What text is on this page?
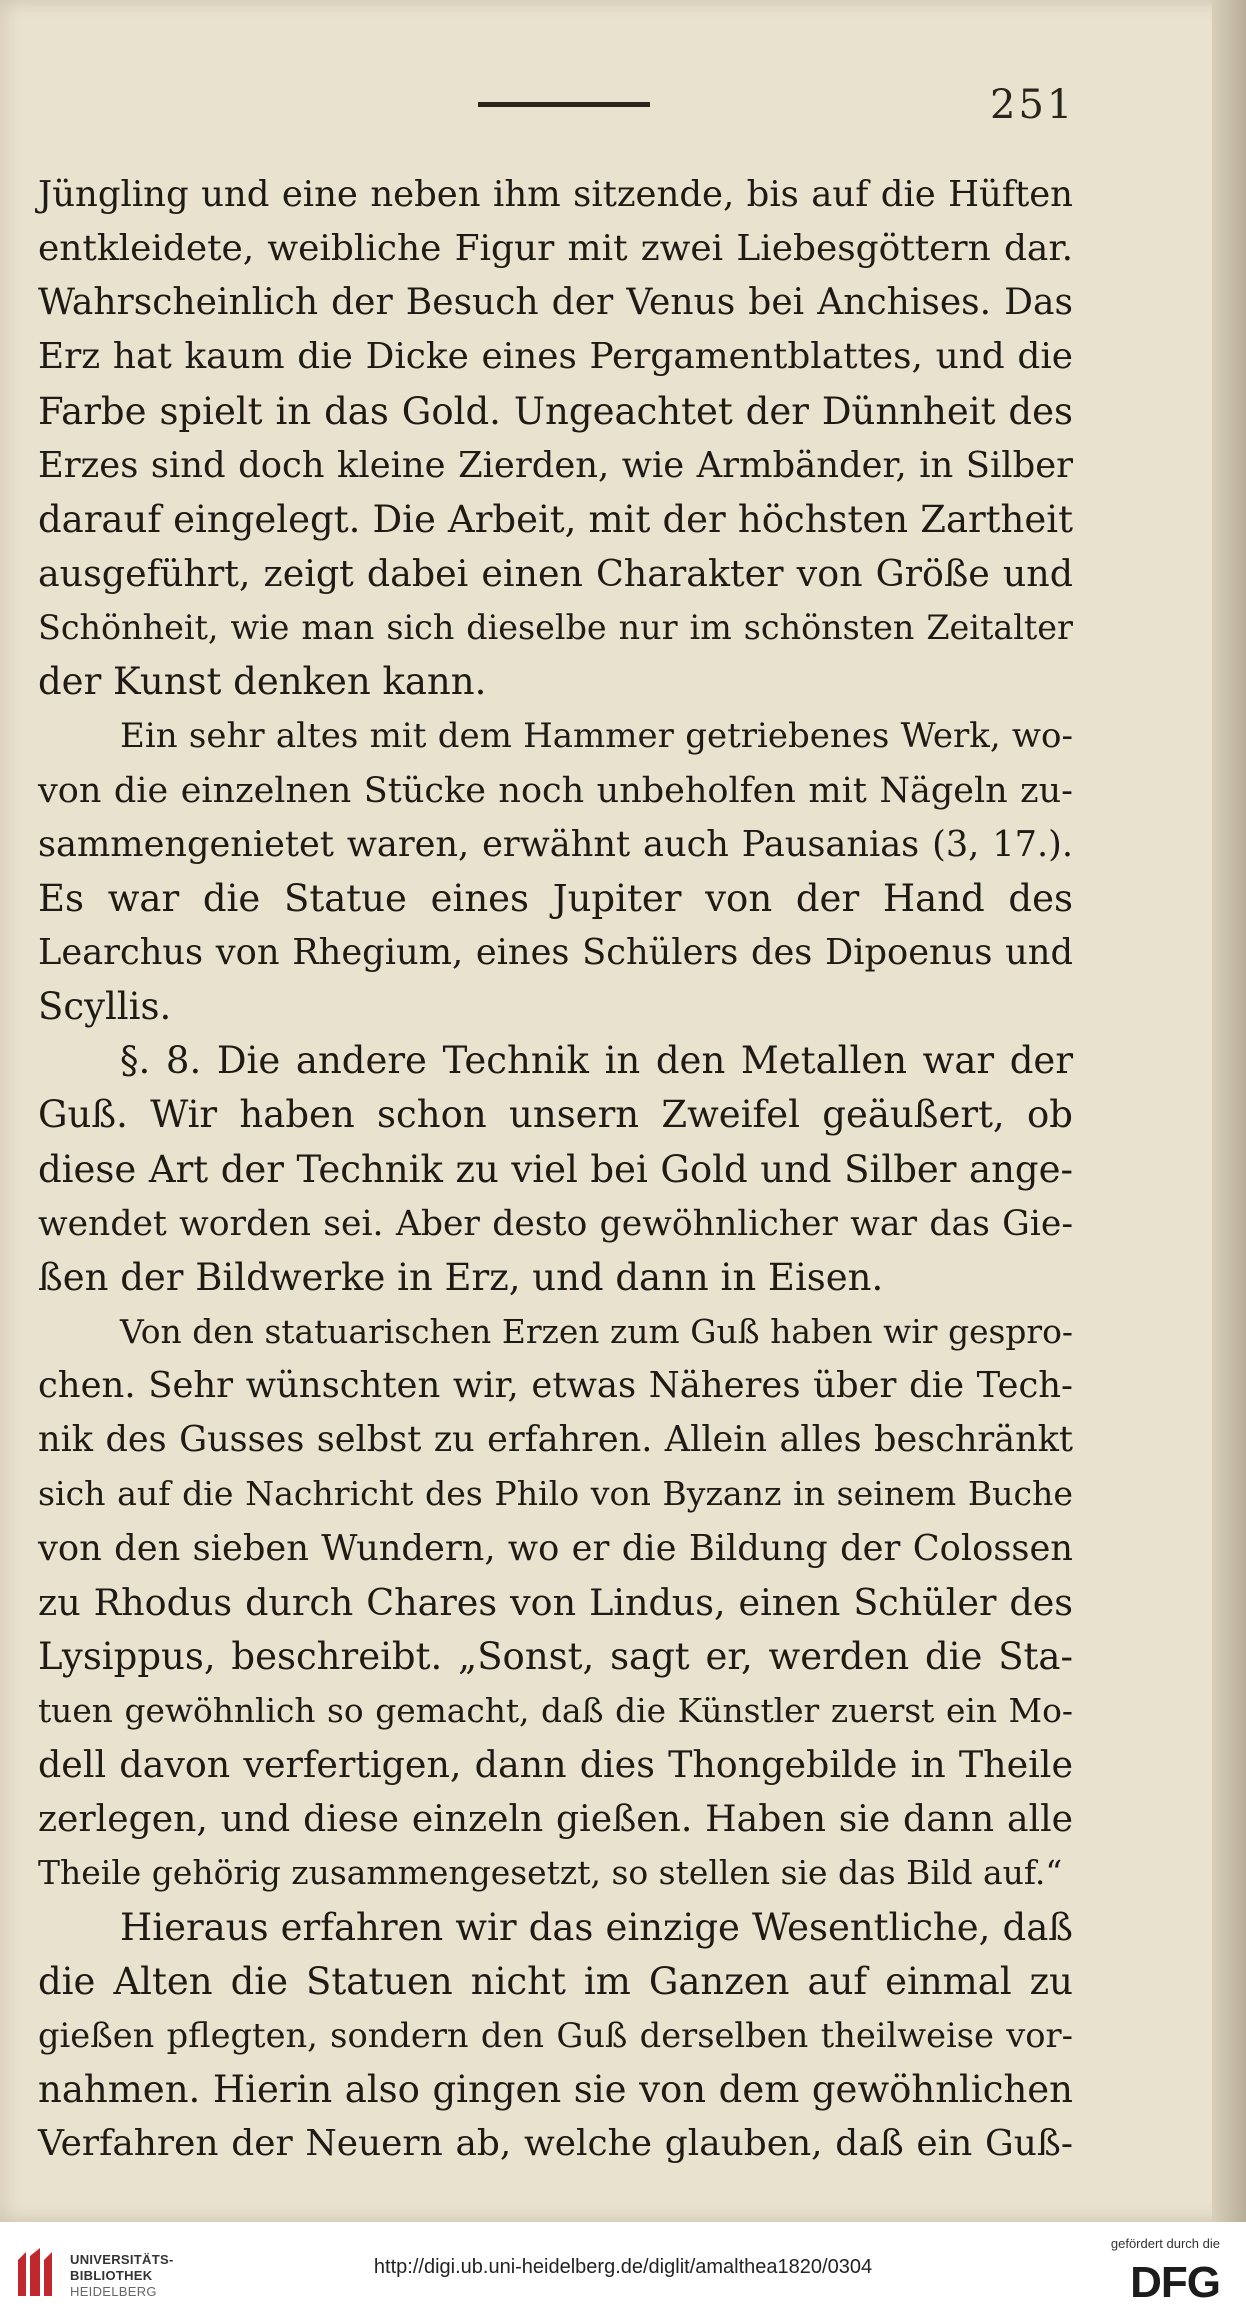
251
Jüngling und eine neben ihm sitzende, bis auf die Hüften
entkleidete, weibliche Figur mit zwei Liebesgöttern dar.
Wahrscheinlich der Besuch der Venus bei Anchises. Das
Erz hat kaum die Dicke eines Pergamentblattes, und die
Farbe spielt in das Gold. Ungeachtet der Dünnheit des
Erzes sind doch kleine Zierden, wie Armbänder, in Silber
darauf eingelegt. Die Arbeit, mit der höchsten Zartheit
ausgeführt, zeigt dabei einen Charakter von Größe und
Schönheit, wie man sich dieselbe nur im schönsten Zeitalter
der Kunst denken kann.
Ein sehr altes mit dem Hammer getriebenes Werk, wo-
von die einzelnen Stücke noch unbeholfen mit Nägeln zu-
sammengenietet waren, erwähnt auch Pausanias (3, 17.).
Es war die Statue eines Jupiter von der Hand des
Learchus von Rhegium, eines Schülers des Dipoenus und
Scyllis.
§. 8. Die andere Technik in den Metallen war der
Guß. Wir haben schon unsern Zweifel geäußert, ob
diese Art der Technik zu viel bei Gold und Silber ange-
wendet worden sei. Aber desto gewöhnlicher war das Gie-
ßen der Bildwerke in Erz, und dann in Eisen.
Von den statuarischen Erzen zum Guß haben wir gespro-
chen. Sehr wünschten wir, etwas Näheres über die Tech-
nik des Gusses selbst zu erfahren. Allein alles beschränkt
sich auf die Nachricht des Philo von Byzanz in seinem Buche
von den sieben Wundern, wo er die Bildung der Colossen
zu Rhodus durch Chares von Lindus, einen Schüler des
Lysippus, beschreibt. „Sonst, sagt er, werden die Sta-
tuen gewöhnlich so gemacht, daß die Künstler zuerst ein Mo-
dell davon verfertigen, dann dies Thongebilde in Theile
zerlegen, und diese einzeln gießen. Haben sie dann alle
Theile gehörig zusammengesetzt, so stellen sie das Bild auf.“
Hieraus erfahren wir das einzige Wesentliche, daß
die Alten die Statuen nicht im Ganzen auf einmal zu
gießen pflegten, sondern den Guß derselben theilweise vor-
nahmen. Hierin also gingen sie von dem gewöhnlichen
Verfahren der Neuern ab, welche glauben, daß ein Guß-
UNIVERSITÄTS-
BIBLIOTHEK
HEIDELBERG
http://digi.ub.uni-heidelberg.de/diglit/amalthea1820/0304
gefördert durch die
DFG
